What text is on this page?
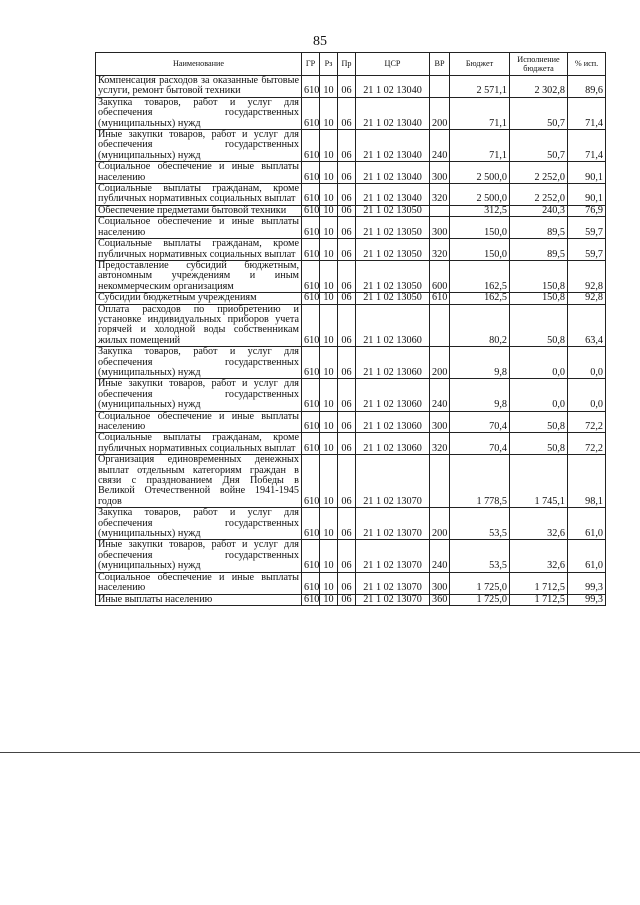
85
Наименование	ГР	Рз	Пр	ЦСР	ВР	Бюджет	Исполнение бюджета	% исп.
Компенсация расходов за оказанные бытовые услуги, ремонт бытовой техники	610	10	06	21 1 02 13040		2 571,1	2 302,8	89,6
Закупка товаров, работ и услуг для обеспечения государственных (муниципальных) нужд	610	10	06	21 1 02 13040	200	71,1	50,7	71,4
Иные закупки товаров, работ и услуг для обеспечения государственных (муниципальных) нужд	610	10	06	21 1 02 13040	240	71,1	50,7	71,4
Социальное обеспечение и иные выплаты населению	610	10	06	21 1 02 13040	300	2 500,0	2 252,0	90,1
Социальные выплаты гражданам, кроме публичных нормативных социальных выплат	610	10	06	21 1 02 13040	320	2 500,0	2 252,0	90,1
Обеспечение предметами бытовой техники	610	10	06	21 1 02 13050		312,5	240,3	76,9
Социальное обеспечение и иные выплаты населению	610	10	06	21 1 02 13050	300	150,0	89,5	59,7
Социальные выплаты гражданам, кроме публичных нормативных социальных выплат	610	10	06	21 1 02 13050	320	150,0	89,5	59,7
Предоставление субсидий бюджетным, автономным учреждениям и иным некоммерческим организациям	610	10	06	21 1 02 13050	600	162,5	150,8	92,8
Субсидии бюджетным учреждениям	610	10	06	21 1 02 13050	610	162,5	150,8	92,8
Оплата расходов по приобретению и установке индивидуальных приборов учета горячей и холодной воды собственникам жилых помещений	610	10	06	21 1 02 13060		80,2	50,8	63,4
Закупка товаров, работ и услуг для обеспечения государственных (муниципальных) нужд	610	10	06	21 1 02 13060	200	9,8	0,0	0,0
Иные закупки товаров, работ и услуг для обеспечения государственных (муниципальных) нужд	610	10	06	21 1 02 13060	240	9,8	0,0	0,0
Социальное обеспечение и иные выплаты населению	610	10	06	21 1 02 13060	300	70,4	50,8	72,2
Социальные выплаты гражданам, кроме публичных нормативных социальных выплат	610	10	06	21 1 02 13060	320	70,4	50,8	72,2
Организация единовременных денежных выплат отдельным категориям граждан в связи с празднованием Дня Победы в Великой Отечественной войне 1941-1945 годов	610	10	06	21 1 02 13070		1 778,5	1 745,1	98,1
Закупка товаров, работ и услуг для обеспечения государственных (муниципальных) нужд	610	10	06	21 1 02 13070	200	53,5	32,6	61,0
Иные закупки товаров, работ и услуг для обеспечения государственных (муниципальных) нужд	610	10	06	21 1 02 13070	240	53,5	32,6	61,0
Социальное обеспечение и иные выплаты населению	610	10	06	21 1 02 13070	300	1 725,0	1 712,5	99,3
Иные выплаты населению	610	10	06	21 1 02 13070	360	1 725,0	1 712,5	99,3
